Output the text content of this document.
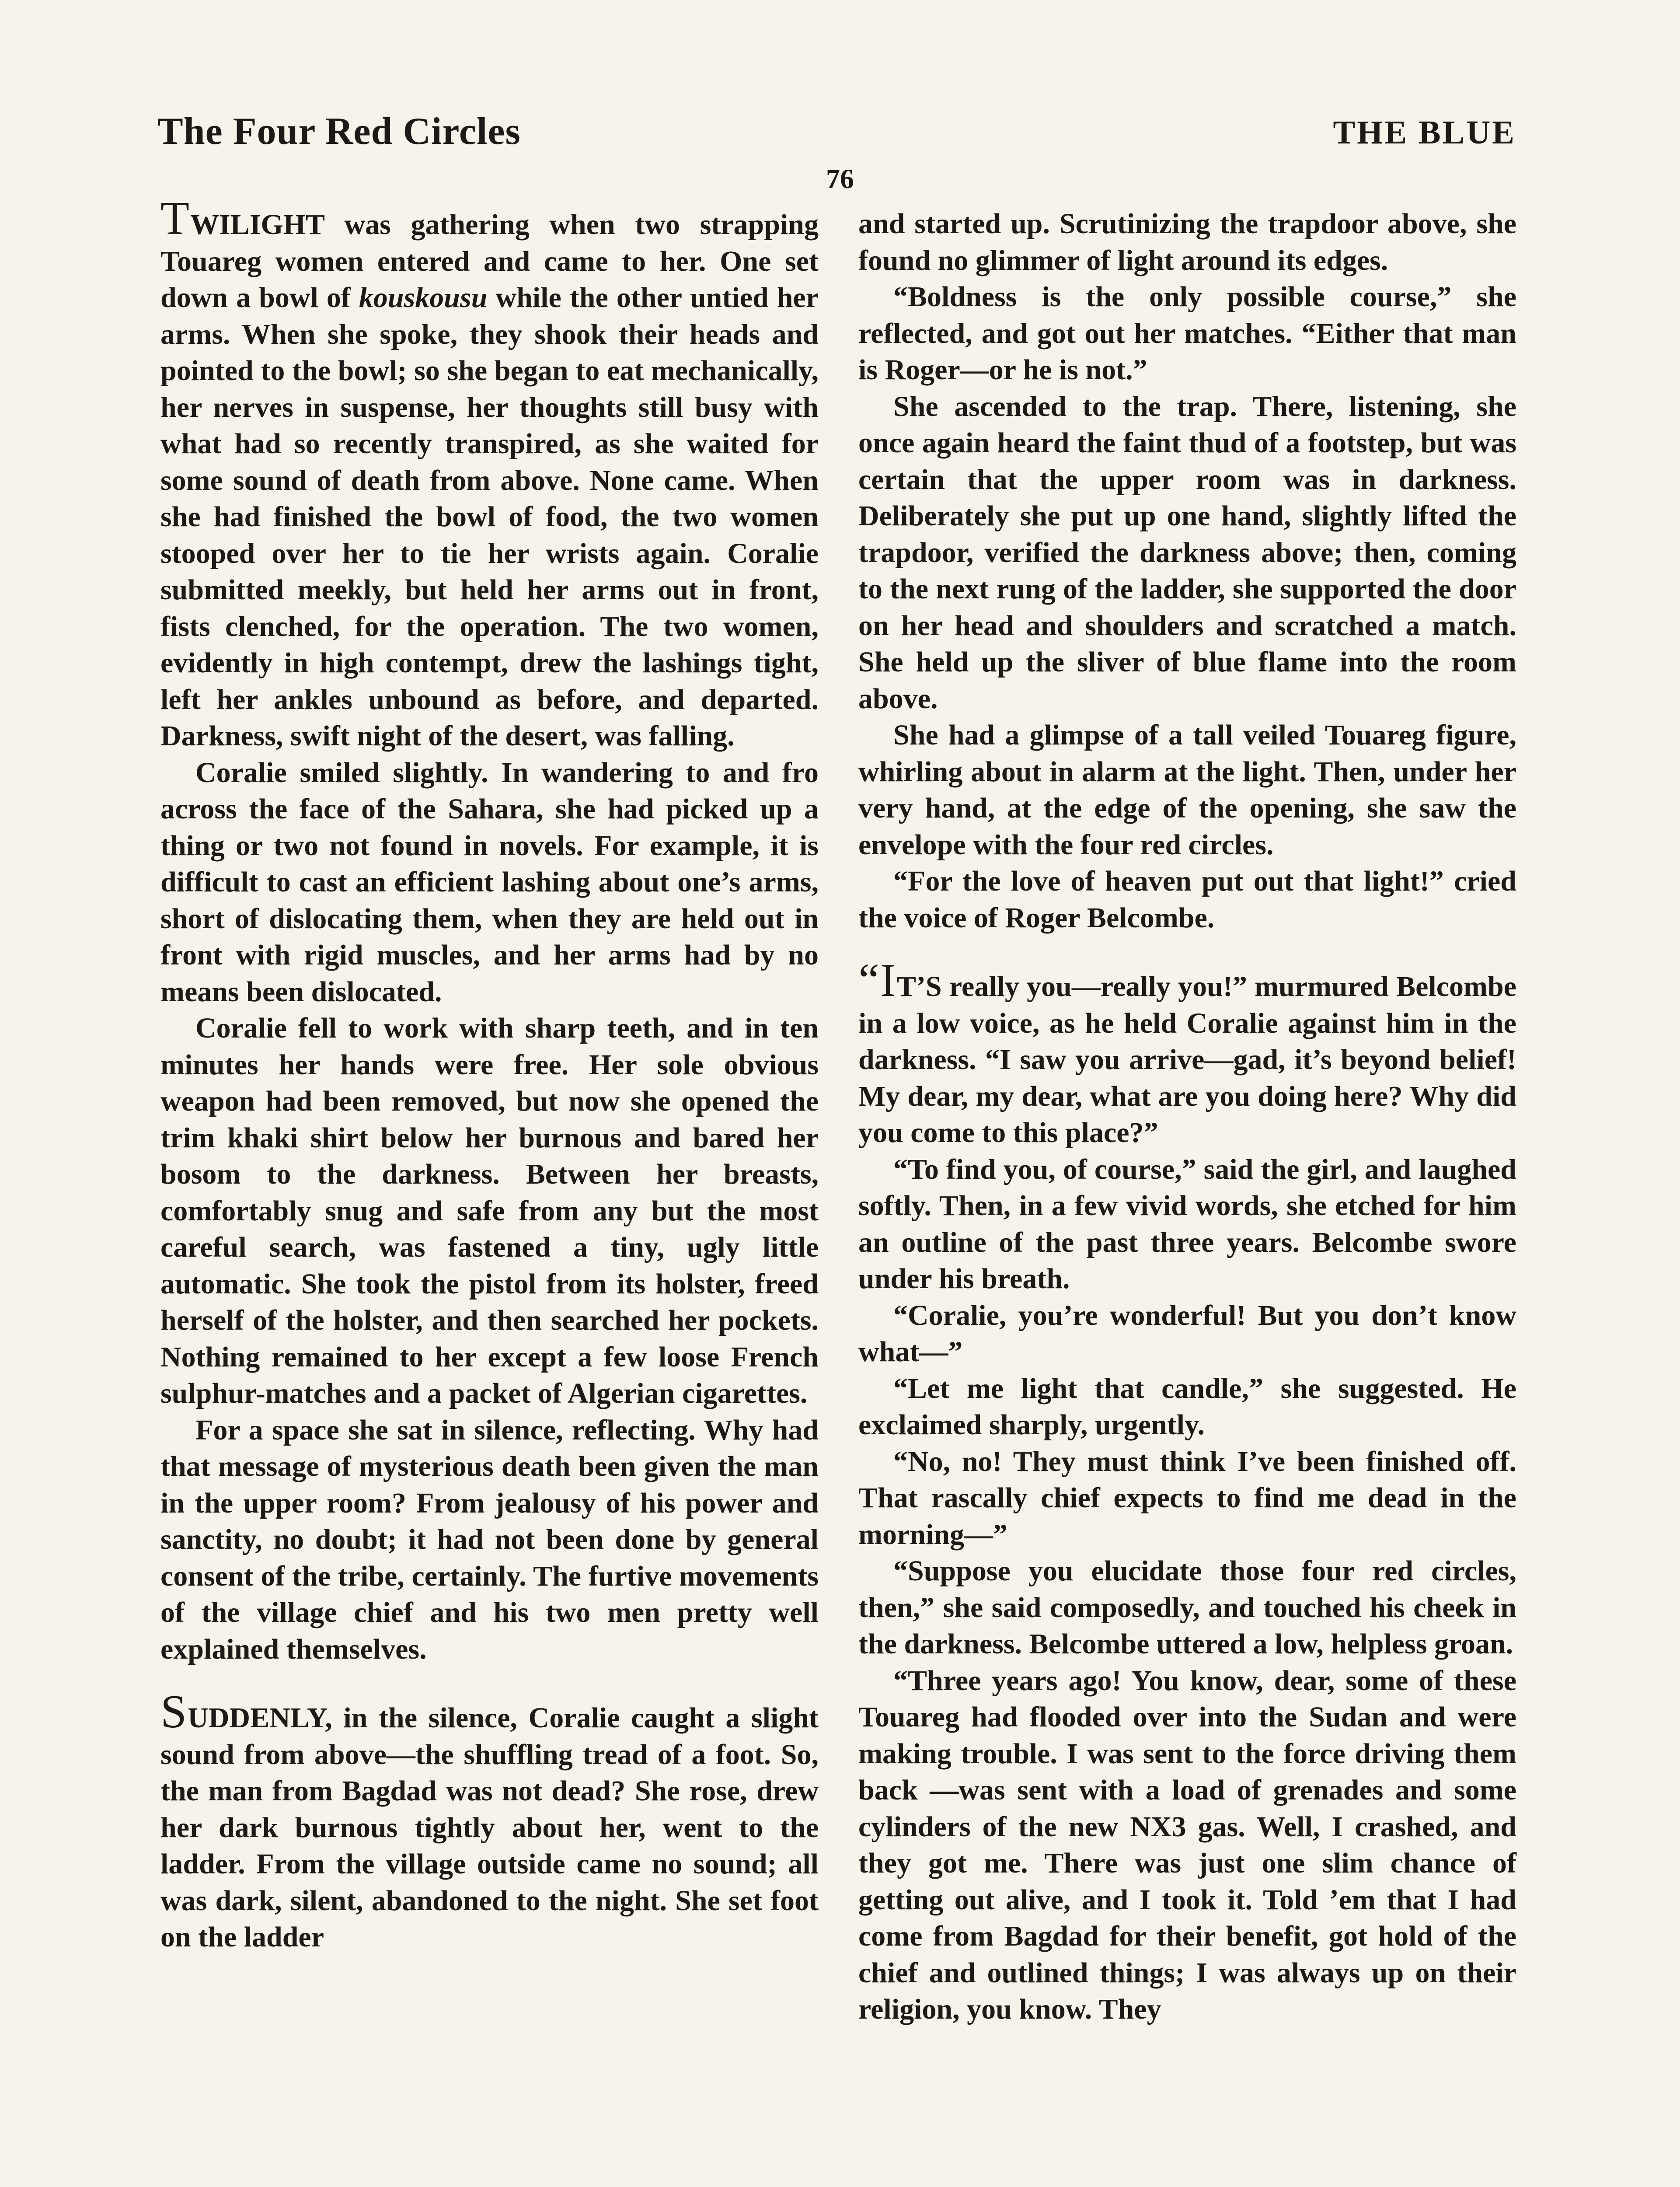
The Four Red Circles	THE BLUE
76

TWILIGHT was gathering when two strapping Touareg women entered and came to her. One set down a bowl of kouskousu while the other untied her arms. When she spoke, they shook their heads and pointed to the bowl; so she began to eat mechanically, her nerves in suspense, her thoughts still busy with what had so recently transpired, as she waited for some sound of death from above. None came. When she had finished the bowl of food, the two women stooped over her to tie her wrists again. Coralie submitted meekly, but held her arms out in front, fists clenched, for the operation. The two women, evidently in high contempt, drew the lashings tight, left her ankles unbound as before, and departed. Darkness, swift night of the desert, was falling.

Coralie smiled slightly. In wandering to and fro across the face of the Sahara, she had picked up a thing or two not found in novels. For example, it is difficult to cast an efficient lashing about one’s arms, short of dislocating them, when they are held out in front with rigid muscles, and her arms had by no means been dislocated.

Coralie fell to work with sharp teeth, and in ten minutes her hands were free. Her sole obvious weapon had been removed, but now she opened the trim khaki shirt below her burnous and bared her bosom to the darkness. Between her breasts, comfortably snug and safe from any but the most careful search, was fastened a tiny, ugly little automatic. She took the pistol from its holster, freed herself of the holster, and then searched her pockets. Nothing remained to her except a few loose French sulphur-matches and a packet of Algerian cigarettes.

For a space she sat in silence, reflecting. Why had that message of mysterious death been given the man in the upper room? From jealousy of his power and sanctity, no doubt; it had not been done by general consent of the tribe, certainly. The furtive movements of the village chief and his two men pretty well explained themselves.

SUDDENLY, in the silence, Coralie caught a slight sound from above—the shuffling tread of a foot. So, the man from Bagdad was not dead? She rose, drew her dark burnous tightly about her, went to the ladder. From the village outside came no sound; all was dark, silent, abandoned to the night. She set foot on the ladder

and started up. Scrutinizing the trapdoor above, she found no glimmer of light around its edges.

“Boldness is the only possible course,” she reflected, and got out her matches. “Either that man is Roger—or he is not.”

She ascended to the trap. There, listening, she once again heard the faint thud of a footstep, but was certain that the upper room was in darkness. Deliberately she put up one hand, slightly lifted the trapdoor, verified the darkness above; then, coming to the next rung of the ladder, she supported the door on her head and shoulders and scratched a match. She held up the sliver of blue flame into the room above.

She had a glimpse of a tall veiled Touareg figure, whirling about in alarm at the light. Then, under her very hand, at the edge of the opening, she saw the envelope with the four red circles.

“For the love of heaven put out that light!” cried the voice of Roger Belcombe.

“IT’S really you—really you!” murmured Belcombe in a low voice, as he held Coralie against him in the darkness. “I saw you arrive—gad, it’s beyond belief! My dear, my dear, what are you doing here? Why did you come to this place?”

“To find you, of course,” said the girl, and laughed softly. Then, in a few vivid words, she etched for him an outline of the past three years. Belcombe swore under his breath.

“Coralie, you’re wonderful! But you don’t know what—”

“Let me light that candle,” she suggested. He exclaimed sharply, urgently.

“No, no! They must think I’ve been finished off. That rascally chief expects to find me dead in the morning—”

“Suppose you elucidate those four red circles, then,” she said composedly, and touched his cheek in the darkness. Belcombe uttered a low, helpless groan.

“Three years ago! You know, dear, some of these Touareg had flooded over into the Sudan and were making trouble. I was sent to the force driving them back —was sent with a load of grenades and some cylinders of the new NX3 gas. Well, I crashed, and they got me. There was just one slim chance of getting out alive, and I took it. Told ’em that I had come from Bagdad for their benefit, got hold of the chief and outlined things; I was always up on their religion, you know. They
